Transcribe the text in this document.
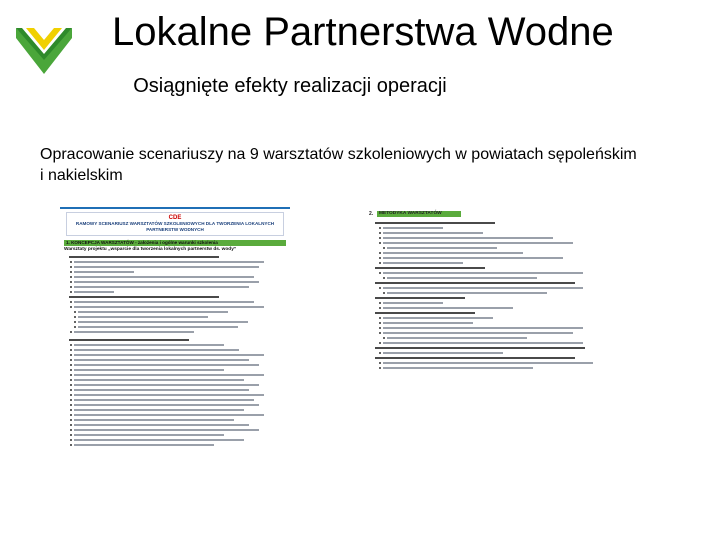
Lokalne Partnerstwa Wodne
Osiągnięte efekty realizacji operacji
Opracowanie scenariuszy na 9 warsztatów szkoleniowych w powiatach sępoleńskim i nakielskim
CDE
RAMOWY SCENARIUSZ WARSZTATÓW SZKOLENIOWYCH DLA TWORZENIA LOKALNYCH PARTNERSTW WODNYCH
1. KONCEPCJA WARSZTATÓW - założenia i ogólne warunki szkolenia
Warsztaty projektu „wsparcie dla tworzenia lokalnych partnerstw ds. wody”
2.	METODYKA WARSZTATÓW
